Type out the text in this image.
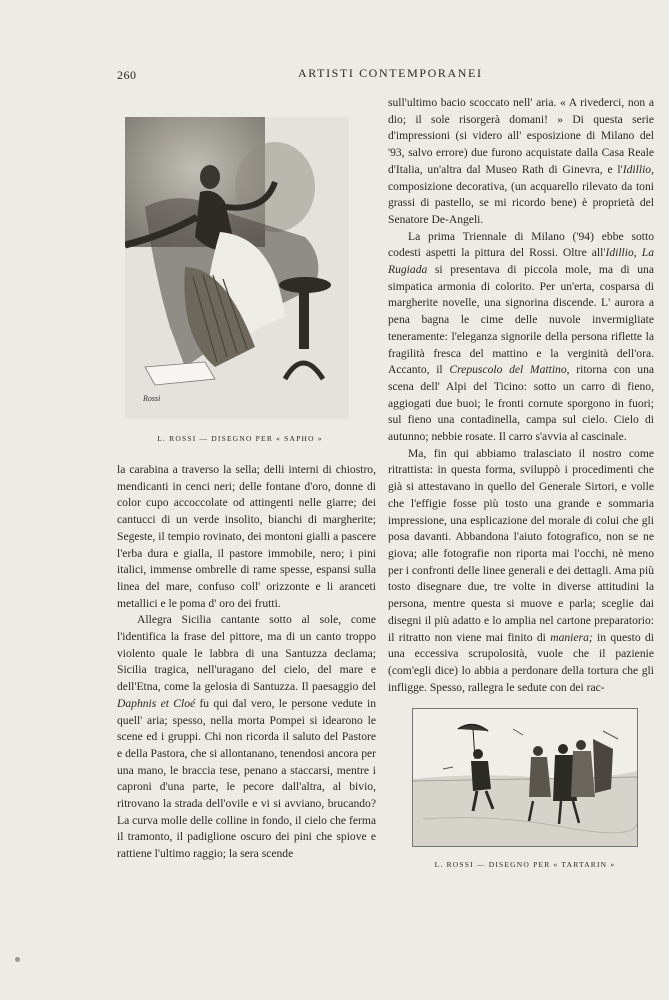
260	ARTISTI CONTEMPORANEI
Rossi
L. ROSSI — DISEGNO PER « SAPHO »

la carabina a traverso la sella; delli interni di chiostro, mendicanti in cenci neri; delle fontane d'oro, donne di color cupo accoccolate od attingenti nelle giarre; dei cantucci di un verde insolito, bianchi di margherite; Segeste, il tempio rovinato, dei montoni gialli a pascere l'erba dura e gialla, il pastore immobile, nero; i pini italici, immense ombrelle di rame spesse, espansi sulla linea del mare, confuso coll' orizzonte e li aranceti metallici e le poma d' oro dei frutti.

Allegra Sicilia cantante sotto al sole, come l'identifica la frase del pittore, ma di un canto troppo violento quale le labbra di una Santuzza declama; Sicilia tragica, nell'uragano del cielo, del mare e dell'Etna, come la gelosia di Santuzza. Il paesaggio del Daphnis et Cloé fu qui dal vero, le persone vedute in quell' aria; spesso, nella morta Pompei si idearono le scene ed i gruppi. Chi non ricorda il saluto del Pastore e della Pastora, che si allontanano, tenendosi ancora per una mano, le braccia tese, penano a staccarsi, mentre i caproni d'una parte, le pecore dall'altra, al bivio, ritrovano la strada dell'ovile e vi si avviano, brucando? La curva molle delle colline in fondo, il cielo che ferma il tramonto, il padiglione oscuro dei pini che spiove e rattiene l'ultimo raggio; la sera scende

sull'ultimo bacio scoccato nell' aria. « A rivederci, non a dio; il sole risorgerà domani! » Di questa serie d'impressioni (si videro all' esposizione di Milano del '93, salvo errore) due furono acquistate dalla Casa Reale d'Italia, un'altra dal Museo Rath di Ginevra, e l'Idillio, composizione decorativa, (un acquarello rilevato da toni grassi di pastello, se mi ricordo bene) è proprietà del Senatore De-Angeli.

La prima Triennale di Milano ('94) ebbe sotto codesti aspetti la pittura del Rossi. Oltre all'Idillio, La Rugiada si presentava di piccola mole, ma di una simpatica armonia di colorito. Per un'erta, cosparsa di margherite novelle, una signorina discende. L' aurora a pena bagna le cime delle nuvole invermigliate teneramente: l'eleganza signorile della persona riflette la fragilità fresca del mattino e la verginità dell'ora. Accanto, il Crepuscolo del Mattino, ritorna con una scena dell' Alpi del Ticino: sotto un carro di fieno, aggiogati due buoi; le fronti cornute sporgono in fuori; sul fieno una contadinella, campa sul cielo. Cielo di autunno; nebbie rosate. Il carro s'avvia al cascinale.

Ma, fin qui abbiamo tralasciato il nostro come ritrattista: in questa forma, sviluppò i procedimenti che già si attestavano in quello del Generale Sirtori, e volle che l'effigie fosse più tosto una grande e sommaria impressione, una esplicazione del morale di colui che gli posa davanti. Abbandona l'aiuto fotografico, non se ne giova; alle fotografie non riporta mai l'occhi, nè meno per i confronti delle linee generali e dei dettagli. Ama più tosto disegnare due, tre volte in diverse attitudini la persona, mentre questa si muove e parla; sceglie dai disegni il più adatto e lo amplia nel cartone preparatorio: il ritratto non viene mai finito di maniera; in questo di una eccessiva scrupolosità, vuole che il pazienie (com'egli dice) lo abbia a perdonare della tortura che gli infligge. Spesso, rallegra le sedute con dei rac-

L. ROSSI — DISEGNO PER « TARTARIN »
